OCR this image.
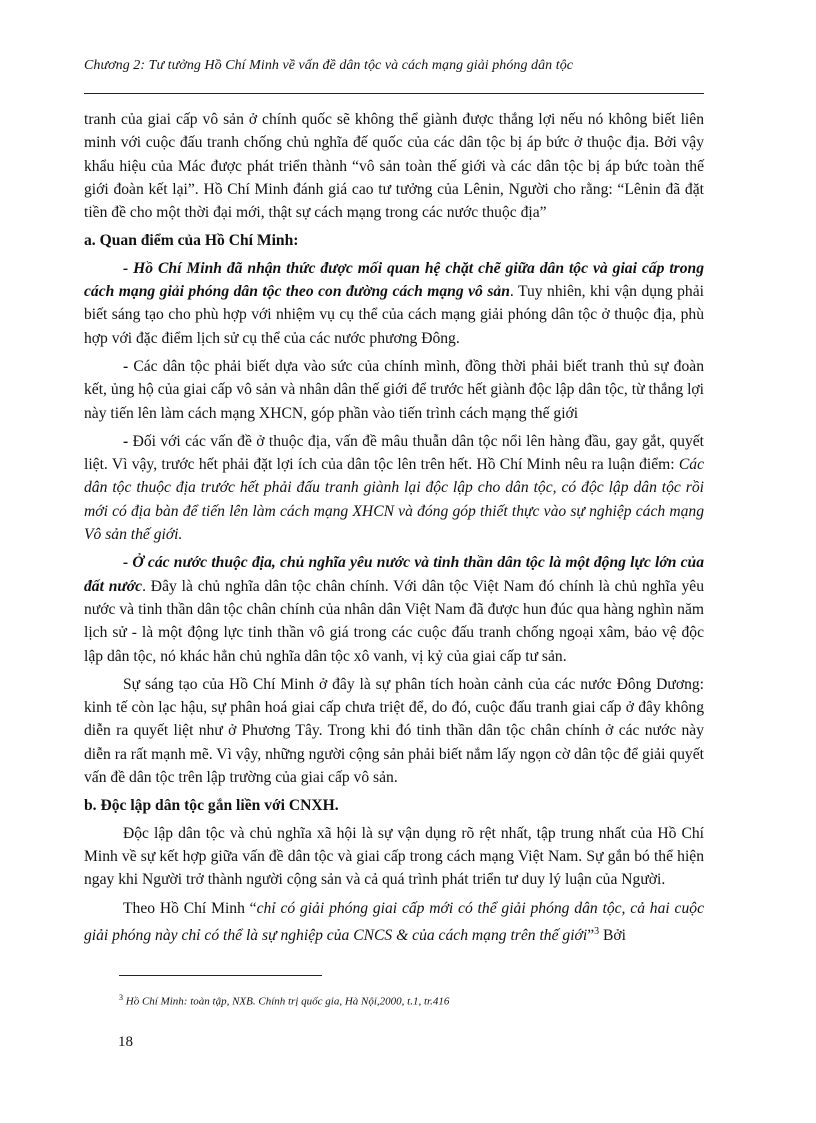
Chương 2: Tư tưởng Hồ Chí Minh về vấn đề dân tộc và cách mạng giải phóng dân tộc

tranh của giai cấp vô sản ở chính quốc sẽ không thể giành được thắng lợi nếu nó không biết liên minh với cuộc đấu tranh chống chủ nghĩa đế quốc của các dân tộc bị áp bức ở thuộc địa. Bởi vậy khẩu hiệu của Mác được phát triển thành “vô sản toàn thế giới và các dân tộc bị áp bức toàn thế giới đoàn kết lại”. Hồ Chí Minh đánh giá cao tư tưởng của Lênin, Người cho rằng: “Lênin đã đặt tiền đề cho một thời đại mới, thật sự cách mạng trong các nước thuộc địa”

a. Quan điểm của Hồ Chí Minh:

- Hồ Chí Minh đã nhận thức được mối quan hệ chặt chẽ giữa dân tộc và giai cấp trong cách mạng giải phóng dân tộc theo con đường cách mạng vô sản. Tuy nhiên, khi vận dụng phải biết sáng tạo cho phù hợp với nhiệm vụ cụ thể của cách mạng giải phóng dân tộc ở thuộc địa, phù hợp với đặc điểm lịch sử cụ thể của các nước phương Đông.

- Các dân tộc phải biết dựa vào sức của chính mình, đồng thời phải biết tranh thủ sự đoàn kết, ủng hộ của giai cấp vô sản và nhân dân thế giới để trước hết giành độc lập dân tộc, từ thắng lợi này tiến lên làm cách mạng XHCN, góp phần vào tiến trình cách mạng thế giới

- Đối với các vấn đề ở thuộc địa, vấn đề mâu thuẫn dân tộc nổi lên hàng đầu, gay gắt, quyết liệt. Vì vậy, trước hết phải đặt lợi ích của dân tộc lên trên hết. Hồ Chí Minh nêu ra luận điểm: Các dân tộc thuộc địa trước hết phải đấu tranh giành lại độc lập cho dân tộc, có độc lập dân tộc rồi mới có địa bàn để tiến lên làm cách mạng XHCN và đóng góp thiết thực vào sự nghiệp cách mạng Vô sản thế giới.

- Ở các nước thuộc địa, chủ nghĩa yêu nước và tinh thần dân tộc là một động lực lớn của đất nước. Đây là chủ nghĩa dân tộc chân chính. Với dân tộc Việt Nam đó chính là chủ nghĩa yêu nước và tinh thần dân tộc chân chính của nhân dân Việt Nam đã được hun đúc qua hàng nghìn năm lịch sử - là một động lực tinh thần vô giá trong các cuộc đấu tranh chống ngoại xâm, bảo vệ độc lập dân tộc, nó khác hẳn chủ nghĩa dân tộc xô vanh, vị kỷ của giai cấp tư sản.

Sự sáng tạo của Hồ Chí Minh ở đây là sự phân tích hoàn cảnh của các nước Đông Dương: kinh tế còn lạc hậu, sự phân hoá giai cấp chưa triệt để, do đó, cuộc đấu tranh giai cấp ở đây không diễn ra quyết liệt như ở Phương Tây. Trong khi đó tinh thần dân tộc chân chính ở các nước này diễn ra rất mạnh mẽ. Vì vậy, những người cộng sản phải biết nắm lấy ngọn cờ dân tộc để giải quyết vấn đề dân tộc trên lập trường của giai cấp vô sản.

b. Độc lập dân tộc gắn liền với CNXH.

Độc lập dân tộc và chủ nghĩa xã hội là sự vận dụng rõ rệt nhất, tập trung nhất của Hồ Chí Minh về sự kết hợp giữa vấn đề dân tộc và giai cấp trong cách mạng Việt Nam. Sự gắn bó thể hiện ngay khi Người trở thành người cộng sản và cả quá trình phát triển tư duy lý luận của Người.

Theo Hồ Chí Minh “chỉ có giải phóng giai cấp mới có thể giải phóng dân tộc, cả hai cuộc giải phóng này chỉ có thể là sự nghiệp của CNCS & của cách mạng trên thế giới”$^3$ Bởi

$^3$ Hồ Chí Minh: toàn tập, NXB. Chính trị quốc gia, Hà Nội,2000, t.1, tr.416
18
